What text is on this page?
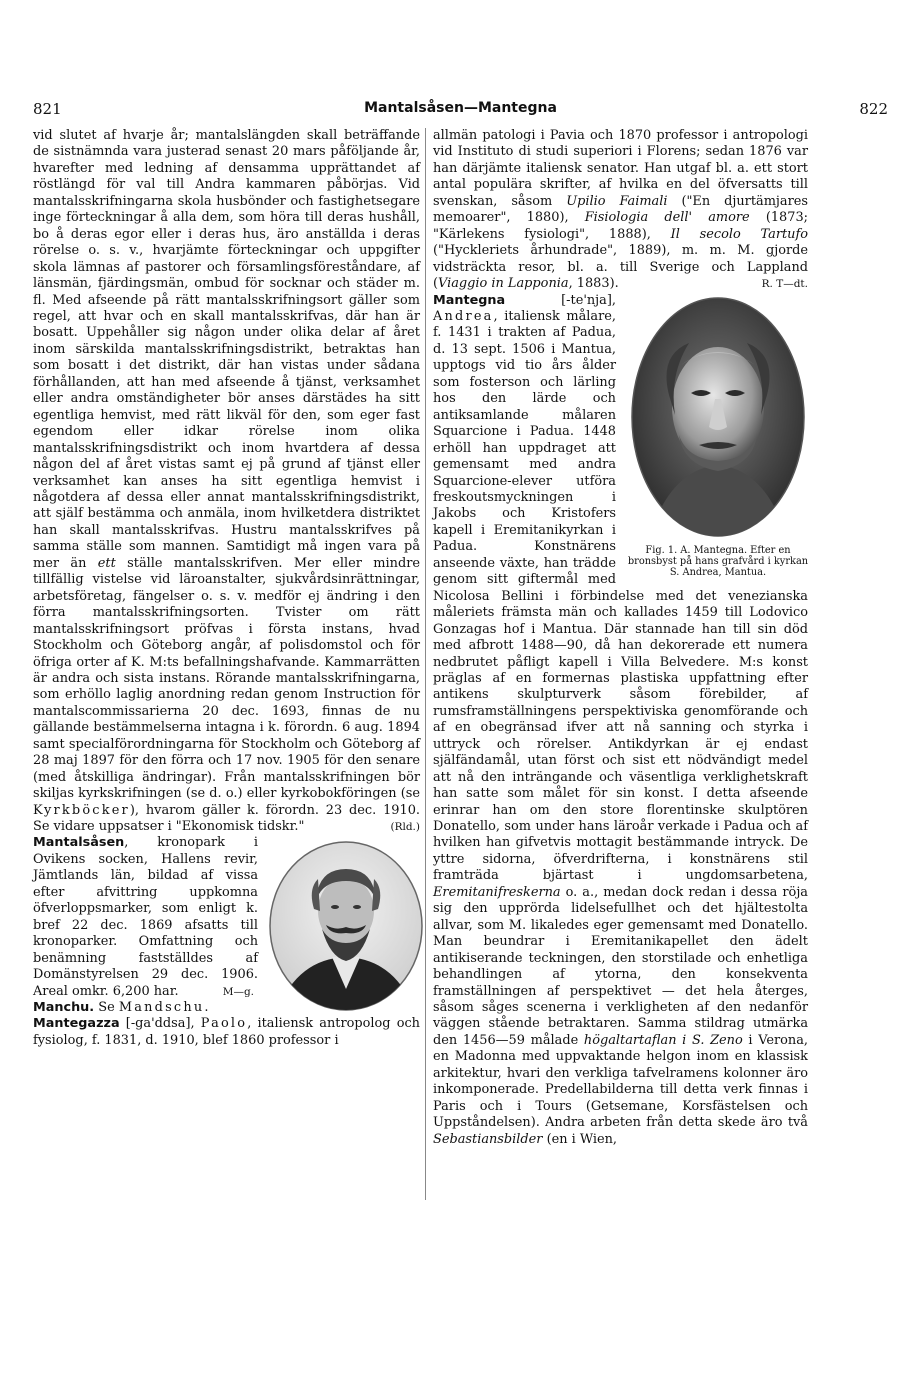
821	Mantalsåsen—Mantegna	822

vid slutet af hvarje år; mantalslängden skall beträffande de sistnämnda vara justerad senast 20 mars påföljande år, hvarefter med ledning af densamma upprättandet af röstlängd för val till Andra kammaren påbörjas. Vid mantalsskrifningarna skola husbönder och fastighetsegare inge förteckningar å alla dem, som höra till deras hushåll, bo å deras egor eller i deras hus, äro anställda i deras rörelse o. s. v., hvarjämte förteckningar och uppgifter skola lämnas af pastorer och församlingsföreståndare, af länsmän, fjärdingsmän, ombud för socknar och städer m. fl. Med afseende på rätt mantalsskrifningsort gäller som regel, att hvar och en skall mantalsskrifvas, där han är bosatt. Uppehåller sig någon under olika delar af året inom särskilda mantalsskrifningsdistrikt, betraktas han som bosatt i det distrikt, där han vistas under sådana förhållanden, att han med afseende å tjänst, verksamhet eller andra omständigheter bör anses därstädes ha sitt egentliga hemvist, med rätt likväl för den, som eger fast egendom eller idkar rörelse inom olika mantalsskrifningsdistrikt och inom hvartdera af dessa någon del af året vistas samt ej på grund af tjänst eller verksamhet kan anses ha sitt egentliga hemvist i någotdera af dessa eller annat mantalsskrifningsdistrikt, att själf bestämma och anmäla, inom hvilketdera distriktet han skall mantalsskrifvas. Hustru mantalsskrifves på samma ställe som mannen. Samtidigt må ingen vara på mer än ett ställe mantalsskrifven. Mer eller mindre tillfällig vistelse vid läroanstalter, sjukvårdsinrättningar, arbetsföretag, fängelser o. s. v. medför ej ändring i den förra mantalsskrifningsorten. Tvister om rätt mantalsskrifningsort pröfvas i första instans, hvad Stockholm och Göteborg angår, af polisdomstol och för öfriga orter af K. M:ts befallningshafvande. Kammarrätten är andra och sista instans. Rörande mantalsskrifningarna, som erhöllo laglig anordning redan genom Instruction för mantalscommissarierna 20 dec. 1693, finnas de nu gällande bestämmelserna intagna i k. förordn. 6 aug. 1894 samt specialförordningarna för Stockholm och Göteborg af 28 maj 1897 för den förra och 17 nov. 1905 för den senare (med åtskilliga ändringar). Från mantalsskrifningen bör skiljas kyrkskrifningen (se d. o.) eller kyrkobokföringen (se Kyrkböcker), hvarom gäller k. förordn. 23 dec. 1910. Se vidare uppsatser i "Ekonomisk tidskr."	(Rld.)

Mantalsåsen, kronopark i Ovikens socken, Hallens revir, Jämtlands län, bildad af vissa efter afvittring uppkomna öfverloppsmarker, som enligt k. bref 22 dec. 1869 afsatts till kronoparker. Omfattning och benämning fastställdes af Domänstyrelsen 29 dec. 1906. Areal omkr. 6,200 har.	M—g.

Manchu. Se Mandschu.

Mantegazza [-ga'ddsa], Paolo, italiensk antropolog och fysiolog, f. 1831, d. 1910, blef 1860 professor i

allmän patologi i Pavia och 1870 professor i antropologi vid Instituto di studi superiori i Florens; sedan 1876 var han därjämte italiensk senator. Han utgaf bl. a. ett stort antal populära skrifter, af hvilka en del öfversatts till svenskan, såsom Upilio Faimali ("En djurtämjares memoarer", 1880), Fisiologia dell' amore (1873; "Kärlekens fysiologi", 1888), Il secolo Tartufo ("Hyckleriets århundrade", 1889), m. m. M. gjorde vidsträckta resor, bl. a. till Sverige och Lappland (Viaggio in Lapponia, 1883).	R. T—dt.

Fig. 1. A. Mantegna. Efter en bronsbyst på hans grafvård i kyrkan S. Andrea, Mantua.

Mantegna [-te'nja], Andrea, italiensk målare, f. 1431 i trakten af Padua, d. 13 sept. 1506 i Mantua, upptogs vid tio års ålder som fosterson och lärling hos den lärde och antiksamlande målaren Squarcione i Padua. 1448 erhöll han uppdraget att gemensamt med andra Squarcione-elever utföra freskoutsmyckningen i Jakobs och Kristofers kapell i Eremitanikyrkan i Padua. Konstnärens anseende växte, han trädde genom sitt giftermål med Nicolosa Bellini i förbindelse med det venezianska måleriets främsta män och kallades 1459 till Lodovico Gonzagas hof i Mantua. Där stannade han till sin död med afbrott 1488—90, då han dekorerade ett numera nedbrutet påfligt kapell i Villa Belvedere. M:s konst präglas af en formernas plastiska uppfattning efter antikens skulpturverk såsom förebilder, af rumsframställningens perspektiviska genomförande och af en obegränsad ifver att nå sanning och styrka i uttryck och rörelser. Antikdyrkan är ej endast själfändamål, utan först och sist ett nödvändigt medel att nå den inträngande och väsentliga verklighetskraft han satte som målet för sin konst. I detta afseende erinrar han om den store florentinske skulptören Donatello, som under hans läroår verkade i Padua och af hvilken han gifvetvis mottagit bestämmande intryck. De yttre sidorna, öfverdrifterna, i konstnärens stil framträda bjärtast i ungdomsarbetena, Eremitanifreskerna o. a., medan dock redan i dessa röja sig den upprörda lidelsefullhet och det hjältestolta allvar, som M. likaledes eger gemensamt med Donatello. Man beundrar i Eremitanikapellet den ädelt antikiserande teckningen, den storstilade och enhetliga behandlingen af ytorna, den konsekventa framställningen af perspektivet — det hela återges, såsom såges scenerna i verkligheten af den nedanför väggen stående betraktaren. Samma stildrag utmärka den 1456—59 målade högaltartaflan i S. Zeno i Verona, en Madonna med uppvaktande helgon inom en klassisk arkitektur, hvari den verkliga tafvelramens kolonner äro inkomponerade. Predellabilderna till detta verk finnas i Paris och i Tours (Getsemane, Korsfästelsen och Uppståndelsen). Andra arbeten från detta skede äro två Sebastiansbilder (en i Wien,
